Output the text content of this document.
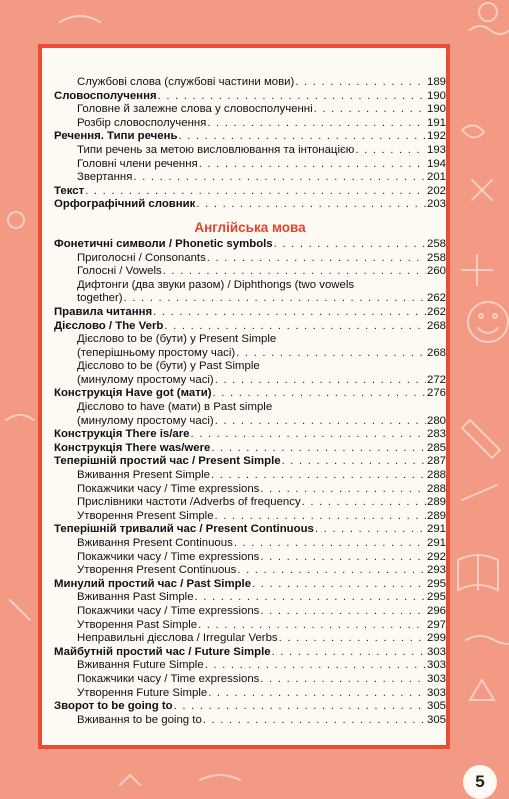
Службові слова (службові частини мови) . . .	189
Словосполучення . . .	190
Головне й залежне слова у словосполученні . . .	190
Розбір словосполучення . . .	191
Речення. Типи речень . . .	192
Типи речень за метою висловлювання та інтонацією . . .	193
Головні члени речення . . .	194
Звертання . . .	201
Текст . . .	202
Орфографічний словник . . .	203
Англійська мова
Фонетичні символи / Phonetic symbols . . .	258
Приголосні / Consonants . . .	258
Голосні / Vowels . . .	260
Дифтонги (два звуки разом) / Diphthongs (two vowels
together) . . .	262
Правила читання . . .	262
Дієслово / The Verb . . .	268
Дієслово to be (бути) у Present Simple
(теперішньому простому часі) . . .	268
Дієслово to be (бути) у Past Simple
(минулому простому часі) . . .	272
Конструкція Have got (мати) . . .	276
Дієслово to have (мати) в Past simple
(минулому простому часі) . . .	280
Конструкція There is/are . . .	283
Конструкція There was/were . . .	285
Теперішній простий час / Present Simple . . .	287
Вживання Present Simple . . .	288
Покажчики часу / Time expressions . . .	288
Прислівники частоти /Adverbs of frequency . . .	289
Утворення Present Simple . . .	289
Теперішній тривалий час / Present Continuous . . .	291
Вживання Present Continuous . . .	291
Покажчики часу / Time expressions . . .	292
Утворення Present Continuous . . .	293
Минулий простий час / Past Simple . . .	295
Вживання Past Simple . . .	295
Покажчики часу / Time expressions . . .	296
Утворення Past Simple . . .	297
Неправильні дієслова / Irregular Verbs . . .	299
Майбутній простий час / Future Simple . . .	303
Вживання Future Simple . . .	303
Покажчики часу / Time expressions . . .	303
Утворення Future Simple . . .	303
Зворот to be going to . . .	305
Вживання to be going to . . .	305
5
